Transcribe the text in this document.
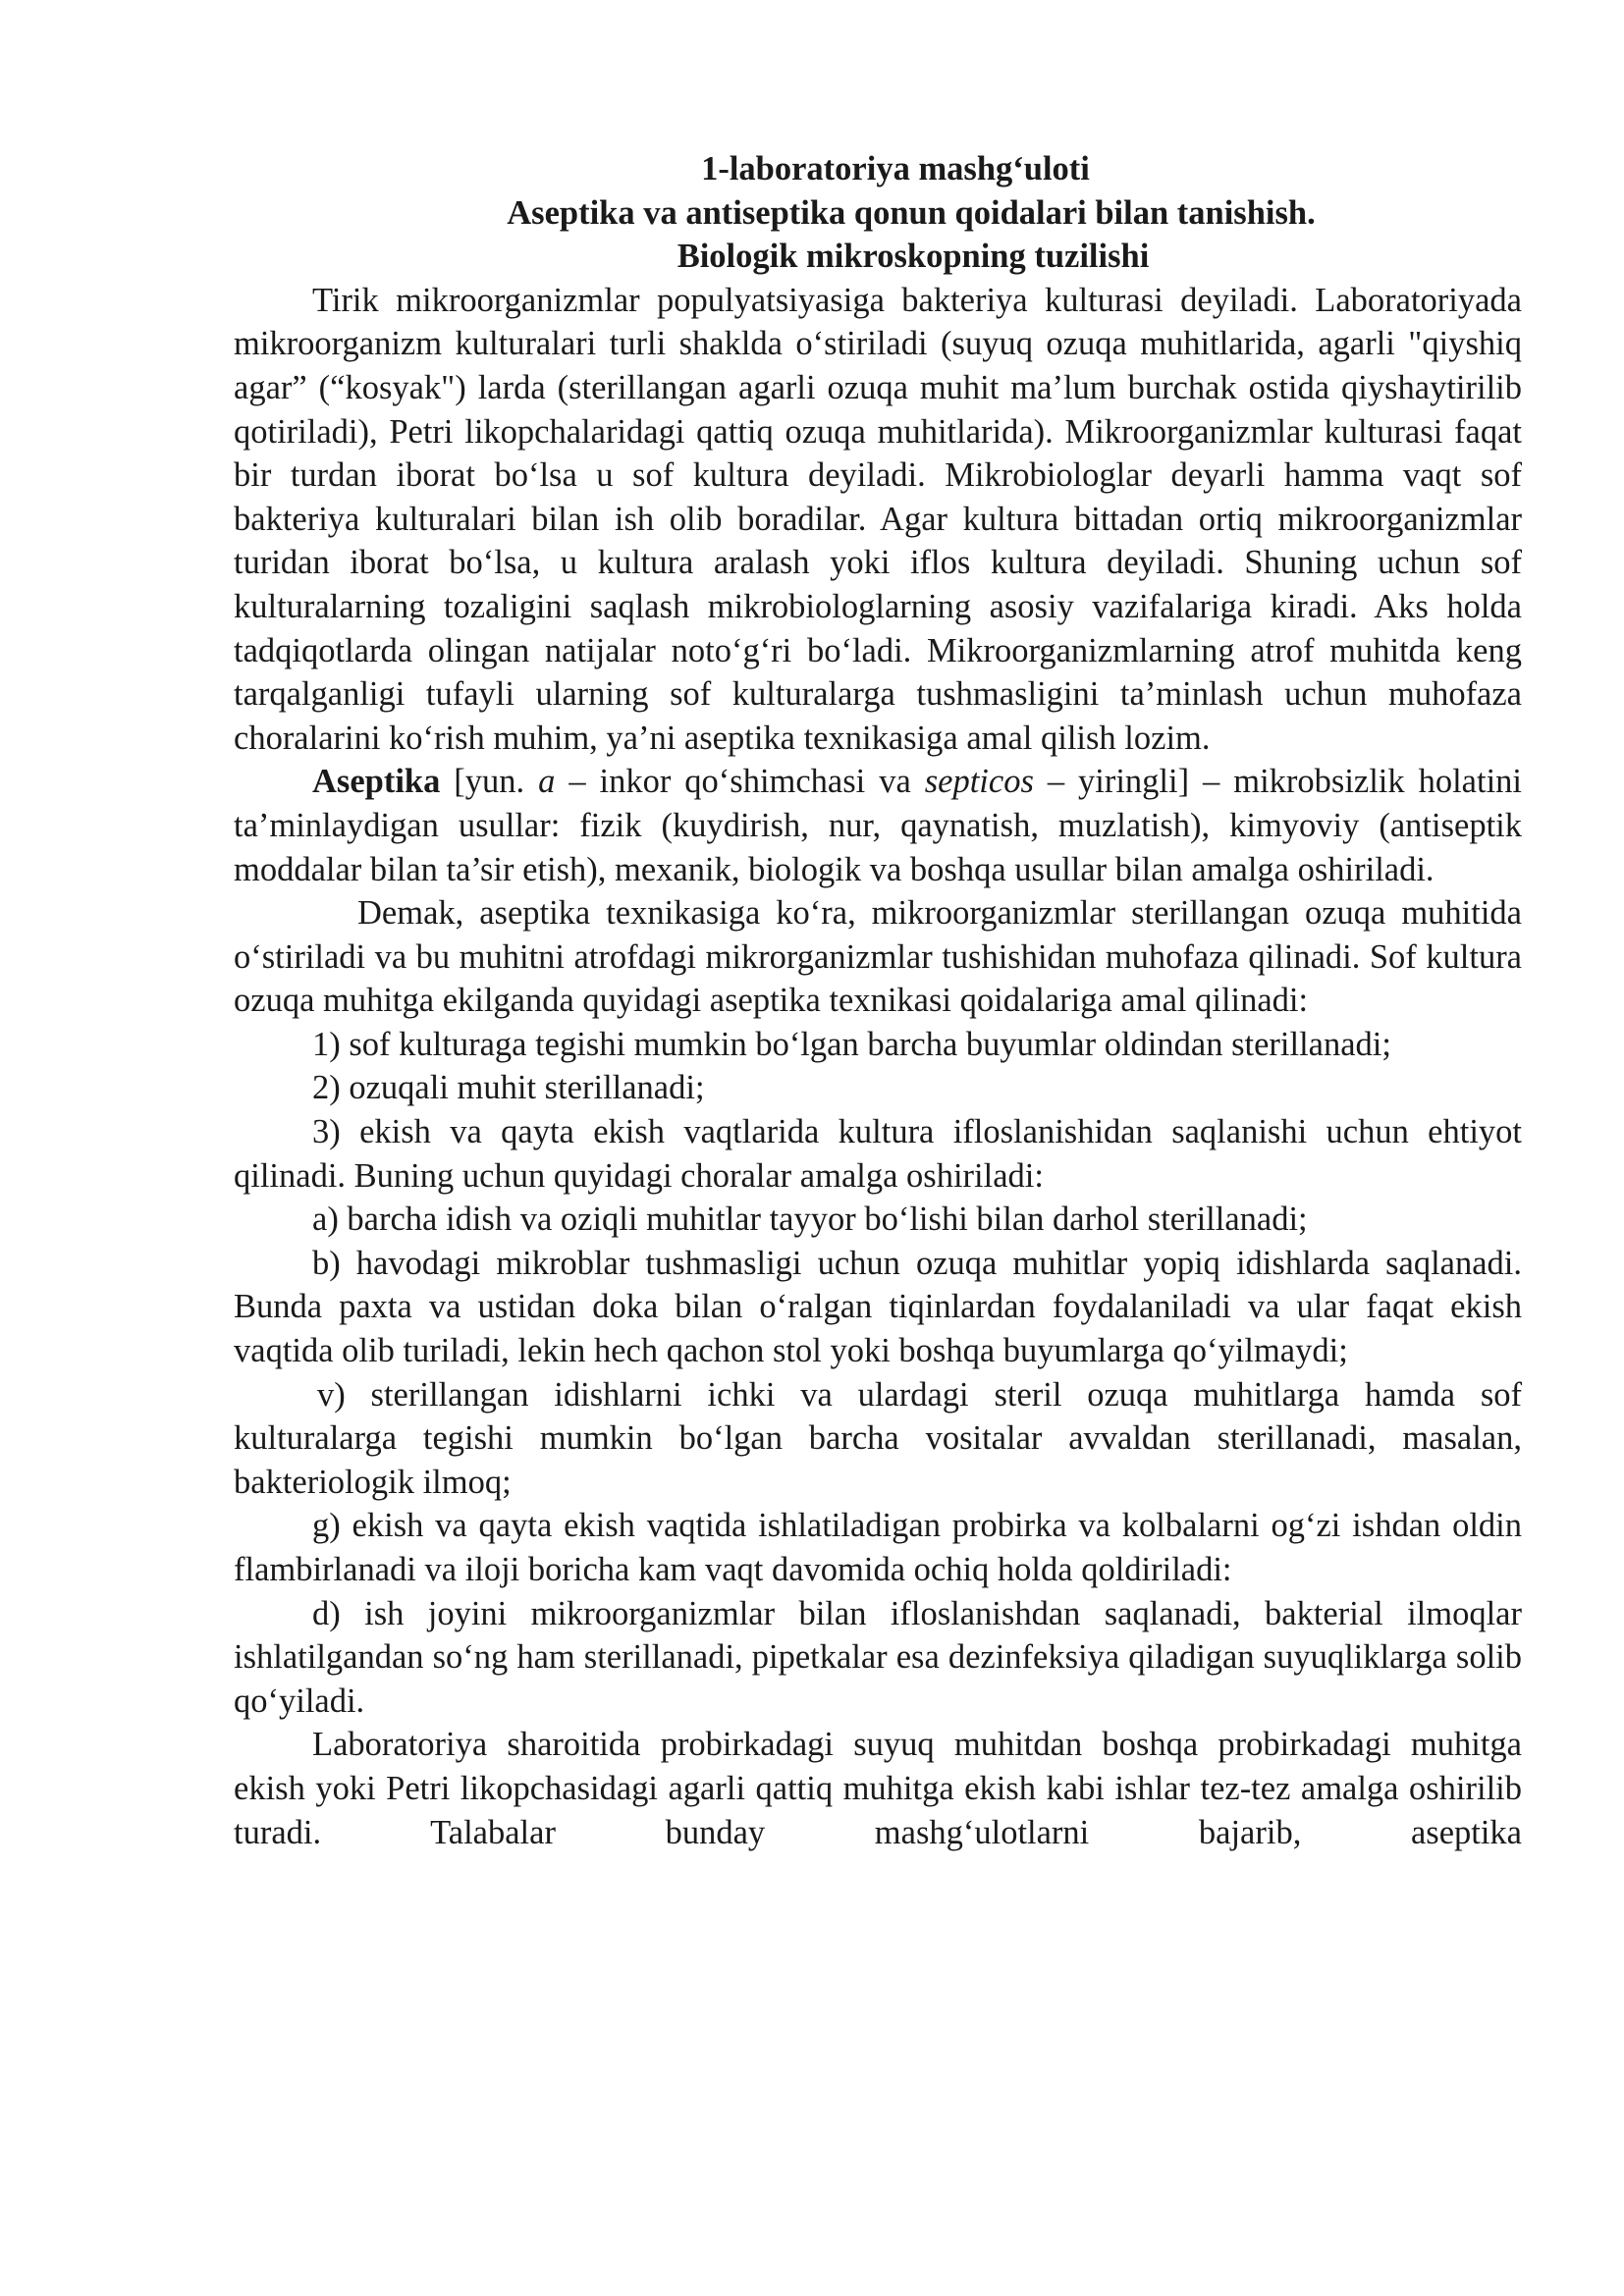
1-laboratoriya mashg‘uloti
Aseptika va antiseptika qonun qoidalari bilan tanishish.
Biologik mikroskopning tuzilishi

Tirik mikroorganizmlar populyatsiyasiga bakteriya kulturasi deyiladi. Laboratoriyada mikroorganizm kulturalari turli shaklda o‘stiriladi (suyuq ozuqa muhitlarida, agarli "qiyshiq agar” (“kosyak") larda (sterillangan agarli ozuqa muhit ma’lum burchak ostida qiyshaytirilib qotiriladi), Petri likopchalaridagi qattiq ozuqa muhitlarida). Mikroorganizmlar kulturasi faqat bir turdan iborat bo‘lsa u sof kultura deyiladi. Mikrobiologlar deyarli hamma vaqt sof bakteriya kulturalari bilan ish olib boradilar. Agar kultura bittadan ortiq mikroorganizmlar turidan iborat bo‘lsa, u kultura aralash yoki iflos kultura deyiladi. Shuning uchun sof kulturalarning tozaligini saqlash mikrobiologlarning asosiy vazifalariga kiradi. Aks holda tadqiqotlarda olingan natijalar noto‘g‘ri bo‘ladi. Mikroorganizmlarning atrof muhitda keng tarqalganligi tufayli ularning sof kulturalarga tushmasligini ta’minlash uchun muhofaza choralarini ko‘rish muhim, ya’ni aseptika texnikasiga amal qilish lozim.

Aseptika [yun. a – inkor qo‘shimchasi va septicos – yiringli] – mikrobsizlik holatini ta’minlaydigan usullar: fizik (kuydirish, nur, qaynatish, muzlatish), kimyoviy (antiseptik moddalar bilan ta’sir etish), mexanik, biologik va boshqa usullar bilan amalga oshiriladi.

Demak, aseptika texnikasiga ko‘ra, mikroorganizmlar sterillangan ozuqa muhitida o‘stiriladi va bu muhitni atrofdagi mikrorganizmlar tushishidan muhofaza qilinadi. Sof kultura ozuqa muhitga ekilganda quyidagi aseptika texnikasi qoidalariga amal qilinadi:

1) sof kulturaga tegishi mumkin bo‘lgan barcha buyumlar oldindan sterillanadi;

2) ozuqali muhit sterillanadi;

3) ekish va qayta ekish vaqtlarida kultura ifloslanishidan saqlanishi uchun ehtiyot qilinadi. Buning uchun quyidagi choralar amalga oshiriladi:

a) barcha idish va oziqli muhitlar tayyor bo‘lishi bilan darhol sterillanadi;

b) havodagi mikroblar tushmasligi uchun ozuqa muhitlar yopiq idishlarda saqlanadi. Bunda paxta va ustidan doka bilan o‘ralgan tiqinlardan foydalaniladi va ular faqat ekish vaqtida olib turiladi, lekin hech qachon stol yoki boshqa buyumlarga qo‘yilmaydi;

v) sterillangan idishlarni ichki va ulardagi steril ozuqa muhitlarga hamda sof kulturalarga tegishi mumkin bo‘lgan barcha vositalar avvaldan sterillanadi, masalan, bakteriologik ilmoq;

g) ekish va qayta ekish vaqtida ishlatiladigan probirka va kolbalarni og‘zi ishdan oldin flambirlanadi va iloji boricha kam vaqt davomida ochiq holda qoldiriladi:

d) ish joyini mikroorganizmlar bilan ifloslanishdan saqlanadi, bakterial ilmoqlar ishlatilgandan so‘ng ham sterillanadi, pipetkalar esa dezinfeksiya qiladigan suyuqliklarga solib qo‘yiladi.

Laboratoriya sharoitida probirkadagi suyuq muhitdan boshqa probirkadagi muhitga ekish yoki Petri likopchasidagi agarli qattiq muhitga ekish kabi ishlar tez-tez amalga oshirilib turadi. Talabalar bunday mashg‘ulotlarni bajarib, aseptika
